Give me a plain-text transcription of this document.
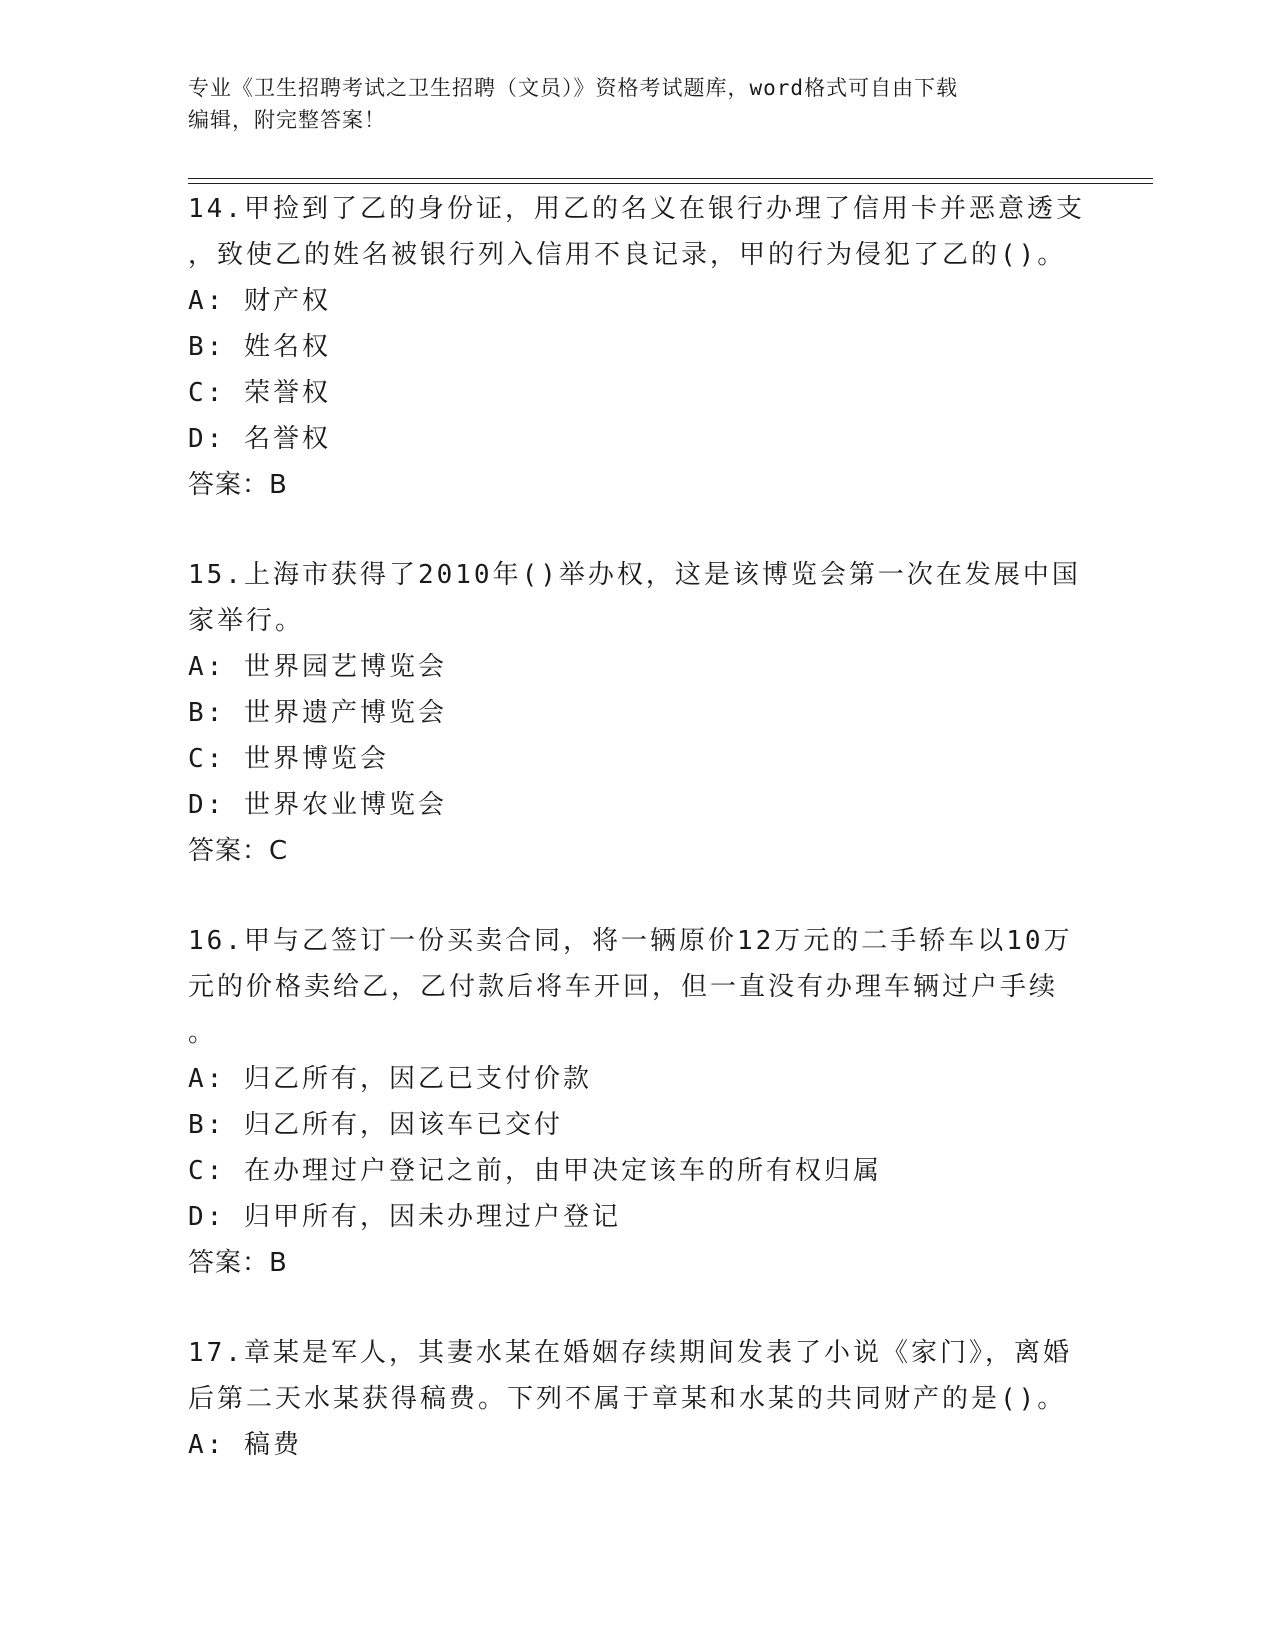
专业《卫生招聘考试之卫生招聘（文员）》资格考试题库，word格式可自由下载
编辑，附完整答案！

14.甲捡到了乙的身份证，用乙的名义在银行办理了信用卡并恶意透支

，致使乙的姓名被银行列入信用不良记录，甲的行为侵犯了乙的()。

A: 财产权

B: 姓名权

C: 荣誉权

D: 名誉权

答案：B

15.上海市获得了2010年()举办权，这是该博览会第一次在发展中国

家举行。

A: 世界园艺博览会

B: 世界遗产博览会

C: 世界博览会

D: 世界农业博览会

答案：C

16.甲与乙签订一份买卖合同，将一辆原价12万元的二手轿车以10万

元的价格卖给乙，乙付款后将车开回，但一直没有办理车辆过户手续

。

A: 归乙所有，因乙已支付价款

B: 归乙所有，因该车已交付

C: 在办理过户登记之前，由甲决定该车的所有权归属

D: 归甲所有，因未办理过户登记

答案：B

17.章某是军人，其妻水某在婚姻存续期间发表了小说《家门》，离婚

后第二天水某获得稿费。下列不属于章某和水某的共同财产的是()。

A: 稿费
